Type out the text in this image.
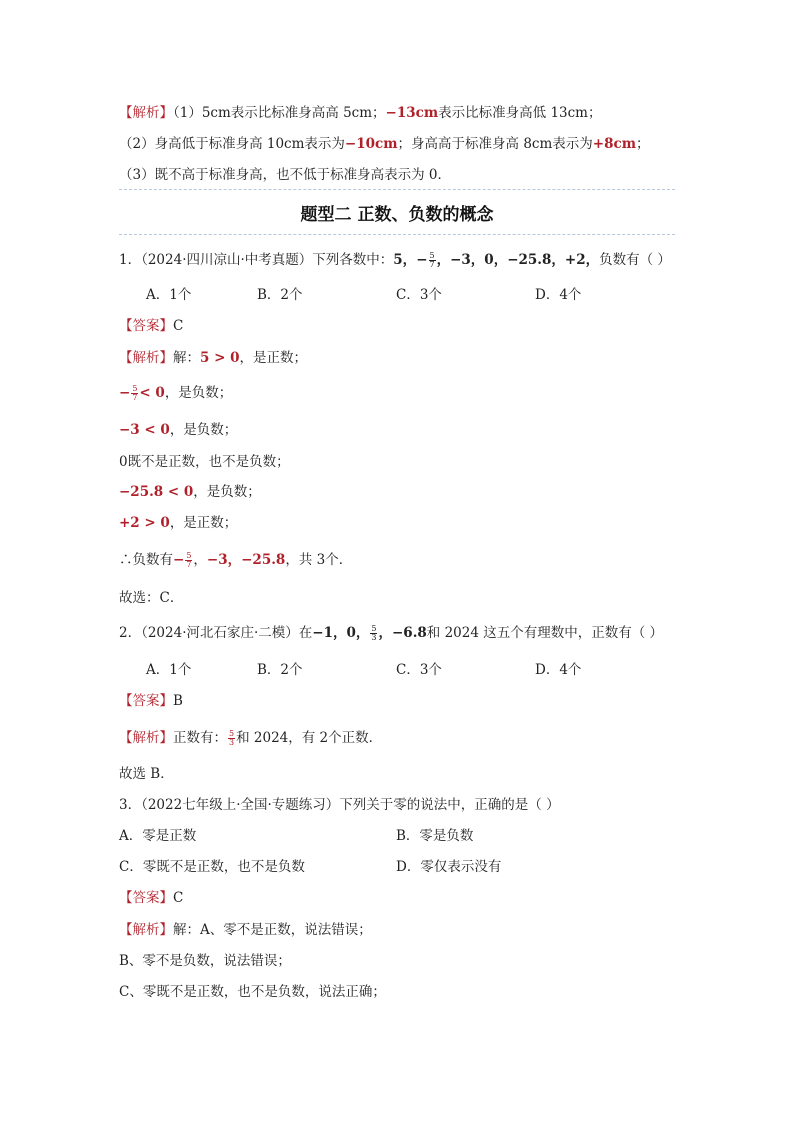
【解析】（1）5cm表示比标准身高高 5cm；−13cm表示比标准身高低 13cm；
（2）身高低于标准身高 10cm表示为−10cm；身高高于标准身高 8cm表示为+8cm；
（3）既不高于标准身高，也不低于标准身高表示为 0．
题型二 正数、负数的概念
1．（2024·四川凉山·中考真题）下列各数中：5，− $\frac{5}{7}$ ，−3，0，−25.8，+2，负数有（ ）
A．1个	B．2个	C．3个	D．4个
【答案】C
【解析】解：5 > 0，是正数；
− $\frac{5}{7} < 0$，是负数；
−3 < 0，是负数；
0既不是正数，也不是负数；
−25.8 < 0，是负数；
+2 > 0，是正数；
∴负数有− $\frac{5}{7}$ ，−3，−25.8，共 3个．
故选：C．
2．（2024·河北石家庄·二模）在−1，0， $\frac{5}{3}$ ，−6.8和 2024 这五个有理数中，正数有（ ）
A．1个	B．2个	C．3个	D．4个
【答案】B
【解析】正数有： $\frac{5}{3}$ 和 2024，有 2个正数．
故选 B．
3．（2022七年级上·全国·专题练习）下列关于零的说法中，正确的是（ ）
A．零是正数	B．零是负数
C．零既不是正数，也不是负数	D．零仅表示没有
【答案】C
【解析】解：A、零不是正数，说法错误；
B、零不是负数，说法错误；
C、零既不是正数，也不是负数，说法正确；
